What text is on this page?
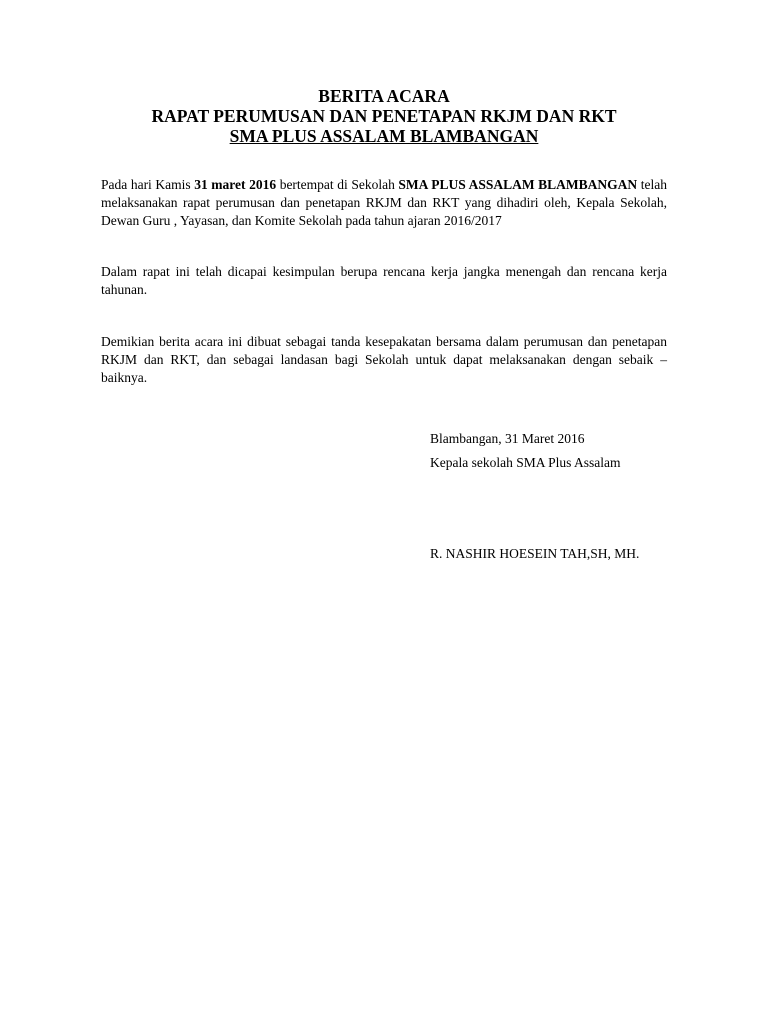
BERITA ACARA
RAPAT PERUMUSAN DAN PENETAPAN RKJM DAN RKT
SMA PLUS ASSALAM BLAMBANGAN
Pada hari Kamis 31 maret 2016 bertempat di Sekolah SMA PLUS ASSALAM BLAMBANGAN telah melaksanakan rapat perumusan dan penetapan RKJM dan RKT yang dihadiri oleh, Kepala Sekolah, Dewan Guru , Yayasan, dan Komite Sekolah pada tahun ajaran 2016/2017
Dalam rapat ini telah dicapai kesimpulan berupa rencana kerja jangka menengah dan rencana kerja tahunan.
Demikian berita acara ini dibuat sebagai tanda kesepakatan bersama dalam perumusan dan penetapan RKJM dan RKT, dan sebagai landasan bagi Sekolah untuk dapat melaksanakan dengan sebaik – baiknya.
Blambangan, 31 Maret 2016
Kepala sekolah SMA Plus Assalam
R. NASHIR HOESEIN TAH,SH, MH.
